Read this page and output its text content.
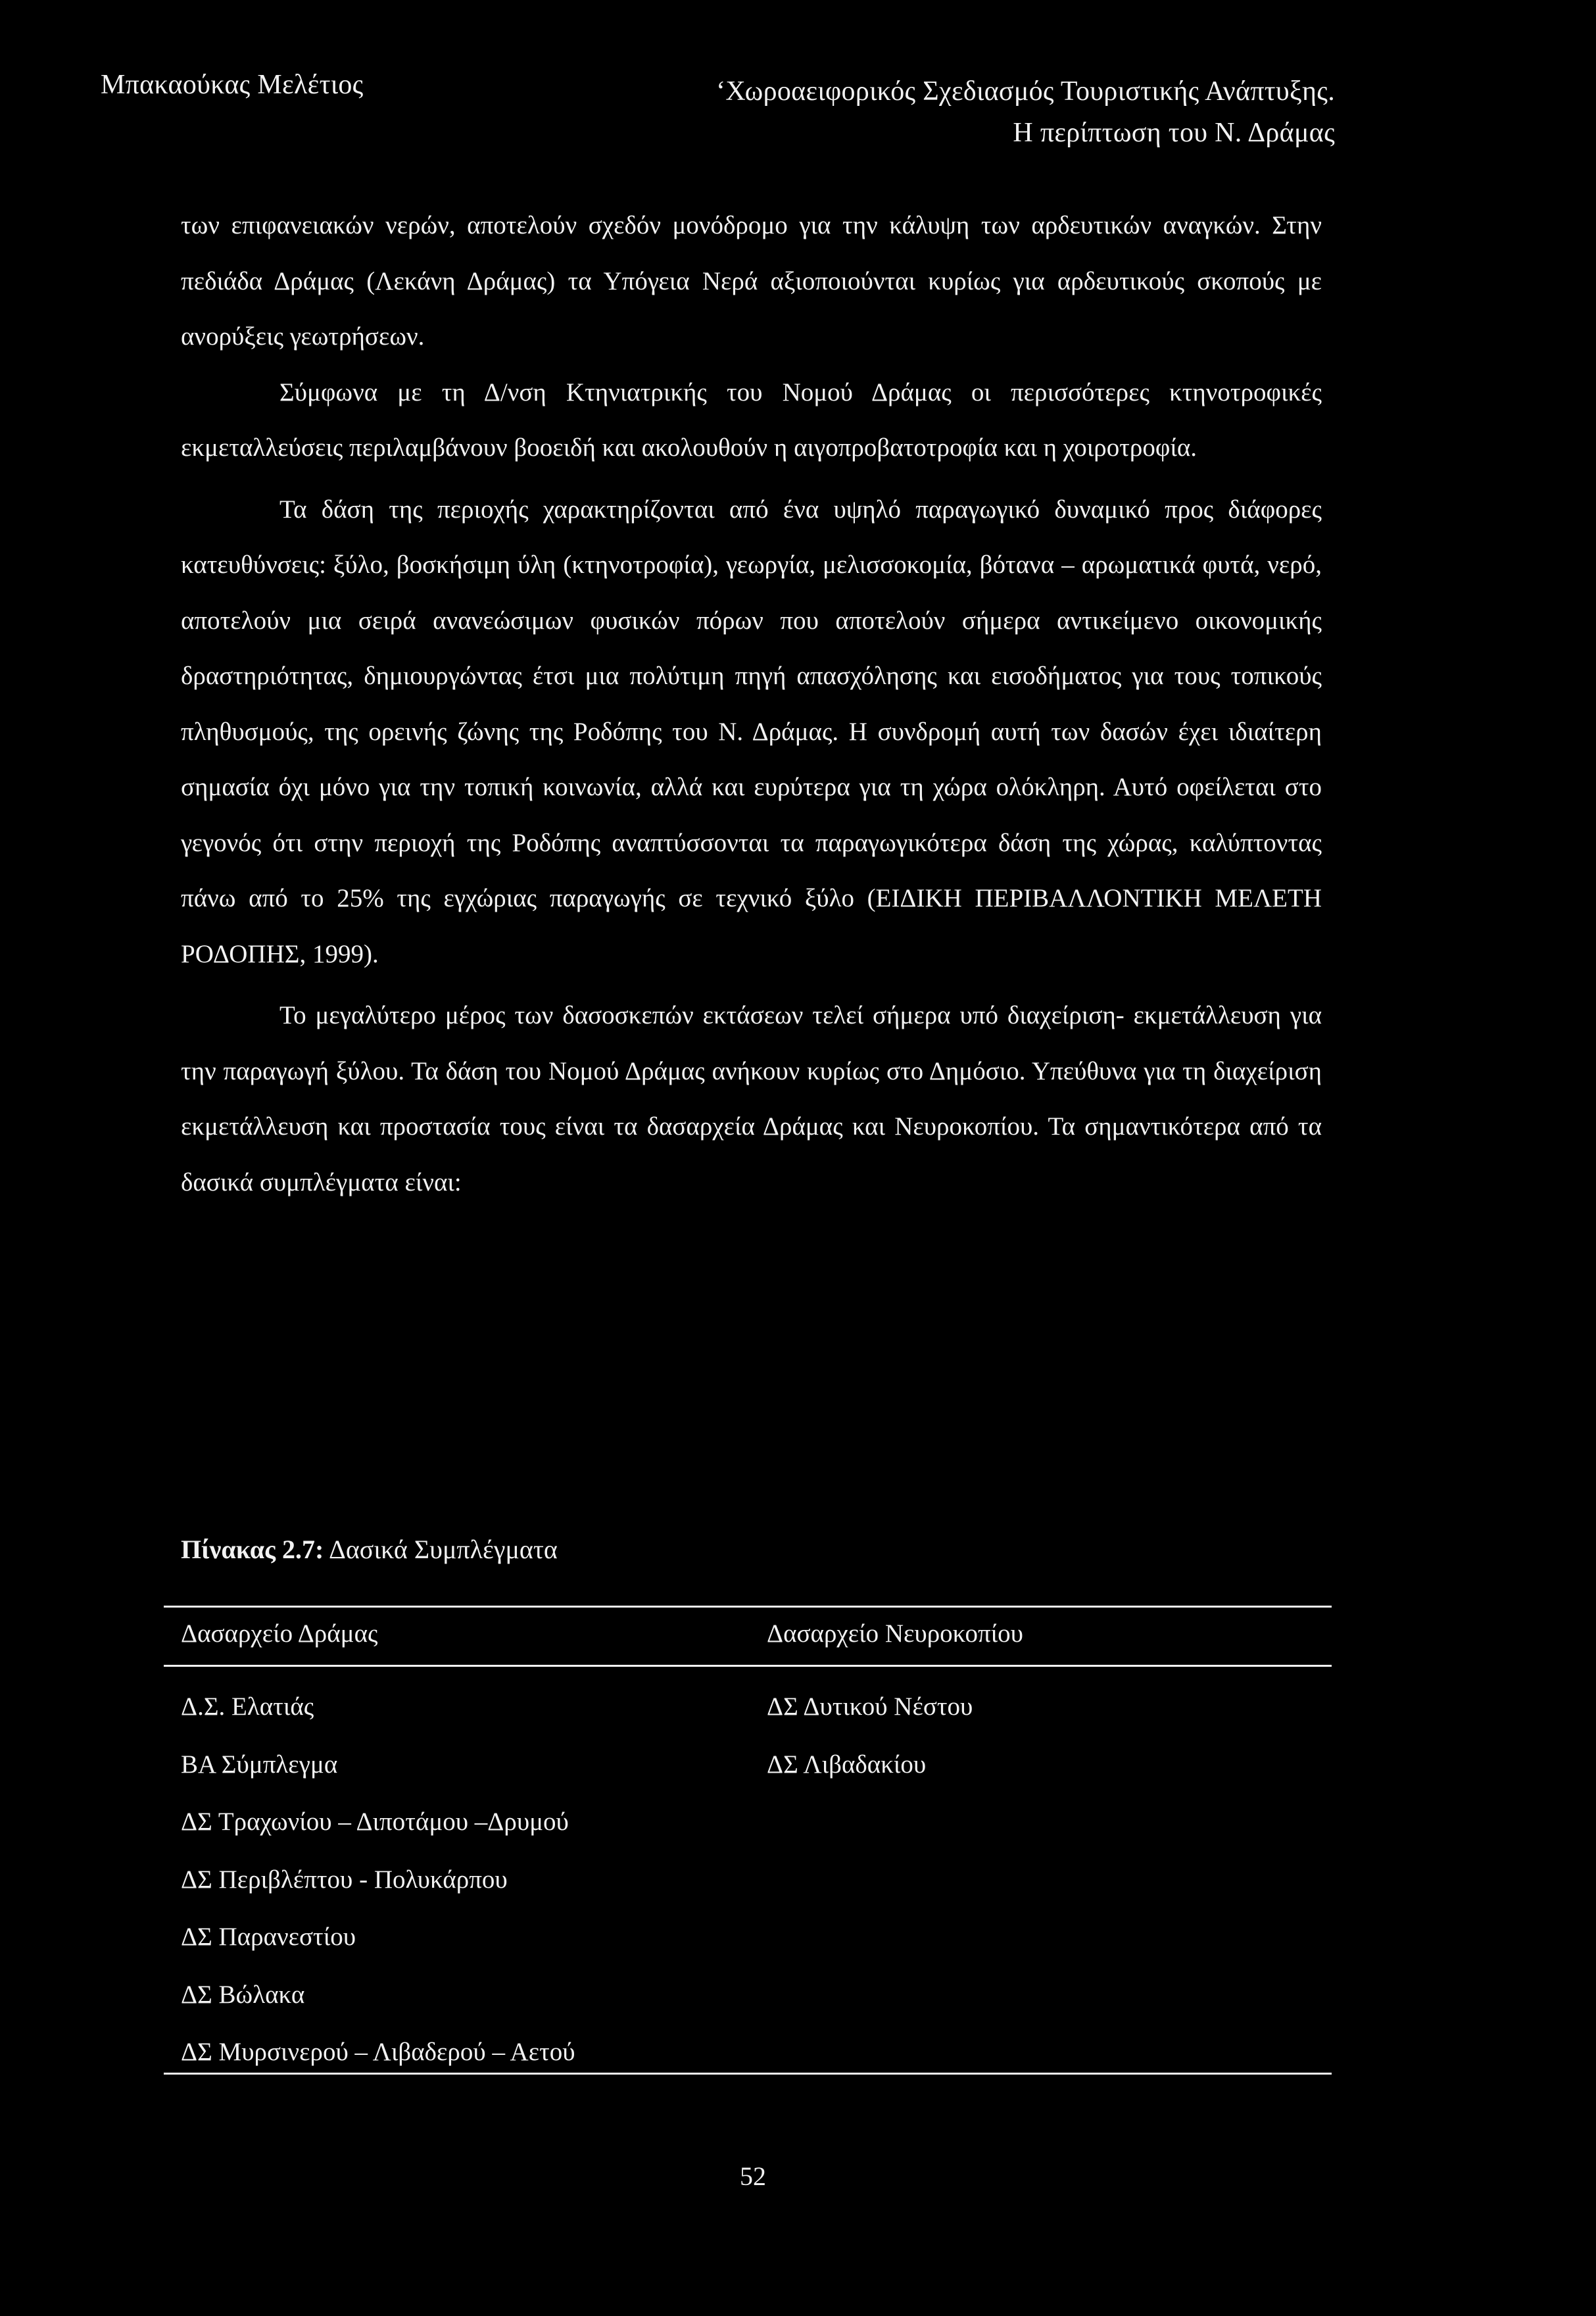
Μπακαούκας Μελέτιος	‘Χωροαειφορικός Σχεδιασμός Τουριστικής Ανάπτυξης.
Η περίπτωση του Ν. Δράμας

των επιφανειακών νερών, αποτελούν σχεδόν μονόδρομο για την κάλυψη των αρδευτικών αναγκών. Στην πεδιάδα Δράμας (Λεκάνη Δράμας) τα Υπόγεια Νερά αξιοποιούνται κυρίως για αρδευτικούς σκοπούς με ανορύξεις γεωτρήσεων.

Σύμφωνα με τη Δ/νση Κτηνιατρικής του Νομού Δράμας οι περισσότερες κτηνοτροφικές εκμεταλλεύσεις περιλαμβάνουν βοοειδή και ακολουθούν η αιγοπροβατοτροφία και η χοιροτροφία.

Τα δάση της περιοχής χαρακτηρίζονται από ένα υψηλό παραγωγικό δυναμικό προς διάφορες κατευθύνσεις: ξύλο, βοσκήσιμη ύλη (κτηνοτροφία), γεωργία, μελισσοκομία, βότανα – αρωματικά φυτά, νερό, αποτελούν μια σειρά ανανεώσιμων φυσικών πόρων που αποτελούν σήμερα αντικείμενο οικονομικής δραστηριότητας, δημιουργώντας έτσι μια πολύτιμη πηγή απασχόλησης και εισοδήματος για τους τοπικούς πληθυσμούς, της ορεινής ζώνης της Ροδόπης του Ν. Δράμας. Η συνδρομή αυτή των δασών έχει ιδιαίτερη σημασία όχι μόνο για την τοπική κοινωνία, αλλά και ευρύτερα για τη χώρα ολόκληρη. Αυτό οφείλεται στο γεγονός ότι στην περιοχή της Ροδόπης αναπτύσσονται τα παραγωγικότερα δάση της χώρας, καλύπτοντας πάνω από το 25% της εγχώριας παραγωγής σε τεχνικό ξύλο (ΕΙΔΙΚΗ ΠΕΡΙΒΑΛΛΟΝΤΙΚΗ ΜΕΛΕΤΗ ΡΟΔΟΠΗΣ, 1999).

Το μεγαλύτερο μέρος των δασοσκεπών εκτάσεων τελεί σήμερα υπό διαχείριση- εκμετάλλευση για την παραγωγή ξύλου. Τα δάση του Νομού Δράμας ανήκουν κυρίως στο Δημόσιο. Υπεύθυνα για τη διαχείριση εκμετάλλευση και προστασία τους είναι τα δασαρχεία Δράμας και Νευροκοπίου. Τα σημαντικότερα από τα δασικά συμπλέγματα είναι:

Πίνακας 2.7: Δασικά Συμπλέγματα
Δασαρχείο Δράμας	Δασαρχείο Νευροκοπίου
Δ.Σ. Ελατιάς
ΒΑ Σύμπλεγμα
ΔΣ Τραχωνίου – Διποτάμου –Δρυμού
ΔΣ Περιβλέπτου - Πολυκάρπου
ΔΣ Παρανεστίου
ΔΣ Βώλακα
ΔΣ Μυρσινερού – Λιβαδερού – Αετού
ΔΣ Δυτικού Νέστου
ΔΣ Λιβαδακίου
52
